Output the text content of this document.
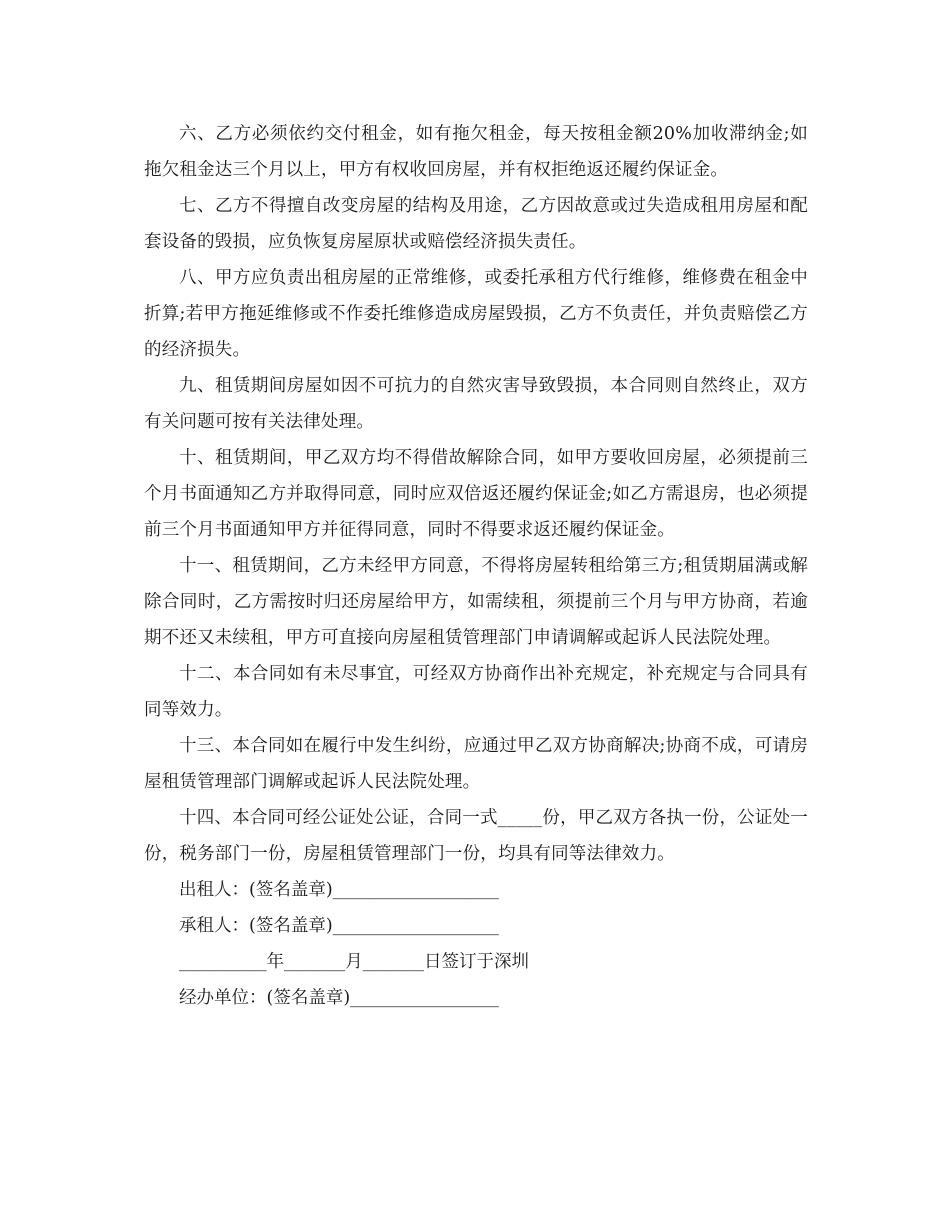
六、乙方必须依约交付租金，如有拖欠租金，每天按租金额20%加收滞纳金;如拖欠租金达三个月以上，甲方有权收回房屋，并有权拒绝返还履约保证金。

七、乙方不得擅自改变房屋的结构及用途，乙方因故意或过失造成租用房屋和配套设备的毁损，应负恢复房屋原状或赔偿经济损失责任。

八、甲方应负责出租房屋的正常维修，或委托承租方代行维修，维修费在租金中折算;若甲方拖延维修或不作委托维修造成房屋毁损，乙方不负责任，并负责赔偿乙方的经济损失。

九、租赁期间房屋如因不可抗力的自然灾害导致毁损，本合同则自然终止，双方有关问题可按有关法律处理。

十、租赁期间，甲乙双方均不得借故解除合同，如甲方要收回房屋，必须提前三个月书面通知乙方并取得同意，同时应双倍返还履约保证金;如乙方需退房，也必须提前三个月书面通知甲方并征得同意，同时不得要求返还履约保证金。

十一、租赁期间，乙方未经甲方同意，不得将房屋转租给第三方;租赁期届满或解除合同时，乙方需按时归还房屋给甲方，如需续租，须提前三个月与甲方协商，若逾期不还又未续租，甲方可直接向房屋租赁管理部门申请调解或起诉人民法院处理。

十二、本合同如有未尽事宜，可经双方协商作出补充规定，补充规定与合同具有同等效力。

十三、本合同如在履行中发生纠纷，应通过甲乙双方协商解决;协商不成，可请房屋租赁管理部门调解或起诉人民法院处理。

十四、本合同可经公证处公证，合同一式_____份，甲乙双方各执一份，公证处一份，税务部门一份，房屋租赁管理部门一份，均具有同等法律效力。

出租人：(签名盖章)___________________

承租人：(签名盖章)___________________

__________年_______月_______日签订于深圳

经办单位：(签名盖章)_________________
